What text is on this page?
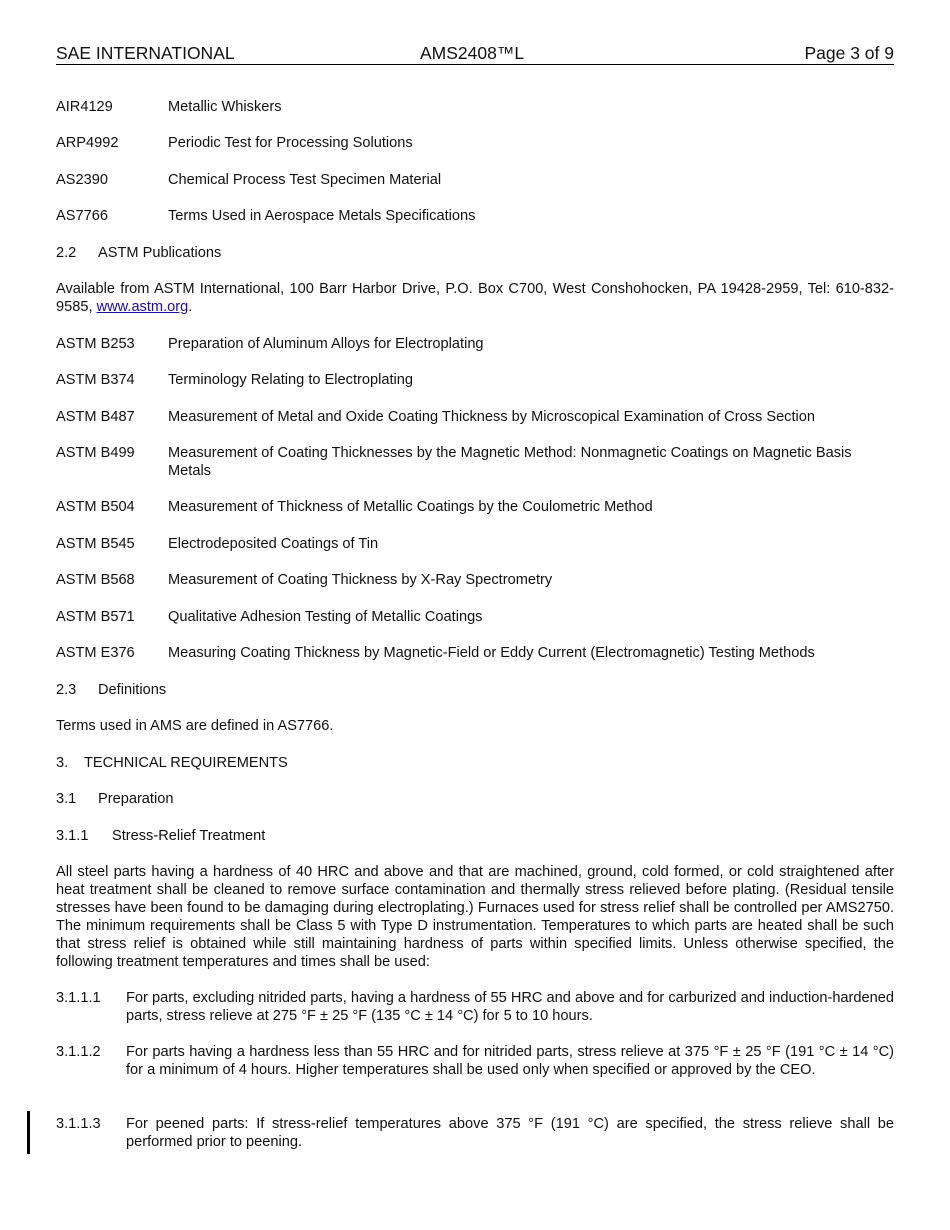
SAE INTERNATIONAL	AMS2408™L	Page 3 of 9
AIR4129	Metallic Whiskers
ARP4992	Periodic Test for Processing Solutions
AS2390	Chemical Process Test Specimen Material
AS7766	Terms Used in Aerospace Metals Specifications
2.2 ASTM Publications
Available from ASTM International, 100 Barr Harbor Drive, P.O. Box C700, West Conshohocken, PA 19428-2959, Tel: 610-832-9585, www.astm.org.
ASTM B253	Preparation of Aluminum Alloys for Electroplating
ASTM B374	Terminology Relating to Electroplating
ASTM B487	Measurement of Metal and Oxide Coating Thickness by Microscopical Examination of Cross Section
ASTM B499	Measurement of Coating Thicknesses by the Magnetic Method: Nonmagnetic Coatings on Magnetic Basis Metals
ASTM B504	Measurement of Thickness of Metallic Coatings by the Coulometric Method
ASTM B545	Electrodeposited Coatings of Tin
ASTM B568	Measurement of Coating Thickness by X-Ray Spectrometry
ASTM B571	Qualitative Adhesion Testing of Metallic Coatings
ASTM E376	Measuring Coating Thickness by Magnetic-Field or Eddy Current (Electromagnetic) Testing Methods
2.3 Definitions
Terms used in AMS are defined in AS7766.
3. TECHNICAL REQUIREMENTS
3.1 Preparation
3.1.1 Stress-Relief Treatment
All steel parts having a hardness of 40 HRC and above and that are machined, ground, cold formed, or cold straightened after heat treatment shall be cleaned to remove surface contamination and thermally stress relieved before plating. (Residual tensile stresses have been found to be damaging during electroplating.) Furnaces used for stress relief shall be controlled per AMS2750. The minimum requirements shall be Class 5 with Type D instrumentation. Temperatures to which parts are heated shall be such that stress relief is obtained while still maintaining hardness of parts within specified limits. Unless otherwise specified, the following treatment temperatures and times shall be used:
3.1.1.1	For parts, excluding nitrided parts, having a hardness of 55 HRC and above and for carburized and induction-hardened parts, stress relieve at 275 °F ± 25 °F (135 °C ± 14 °C) for 5 to 10 hours.
3.1.1.2	For parts having a hardness less than 55 HRC and for nitrided parts, stress relieve at 375 °F ± 25 °F (191 °C ± 14 °C) for a minimum of 4 hours. Higher temperatures shall be used only when specified or approved by the CEO.
3.1.1.3	For peened parts: If stress-relief temperatures above 375 °F (191 °C) are specified, the stress relieve shall be performed prior to peening.
